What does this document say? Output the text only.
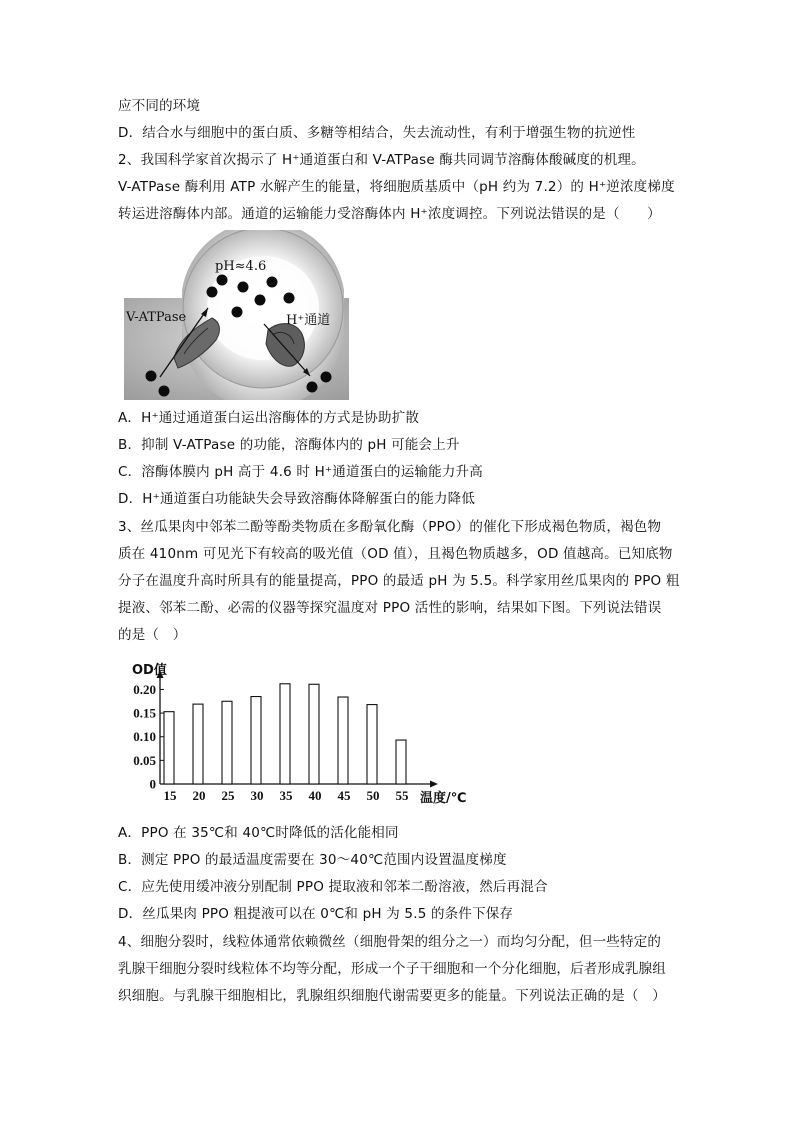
应不同的环境
D．结合水与细胞中的蛋白质、多糖等相结合，失去流动性，有利于增强生物的抗逆性
2、我国科学家首次揭示了 H⁺通道蛋白和 V-ATPase 酶共同调节溶酶体酸碱度的机理。
V-ATPase 酶利用 ATP 水解产生的能量，将细胞质基质中（pH 约为 7.2）的 H⁺逆浓度梯度
转运进溶酶体内部。通道的运输能力受溶酶体内 H⁺浓度调控。下列说法错误的是（　　）
pH≈4.6
V-ATPase	H⁺通道
A．H⁺通过通道蛋白运出溶酶体的方式是协助扩散
B．抑制 V-ATPase 的功能，溶酶体内的 pH 可能会上升
C．溶酶体膜内 pH 高于 4.6 时 H⁺通道蛋白的运输能力升高
D．H⁺通道蛋白功能缺失会导致溶酶体降解蛋白的能力降低
3、丝瓜果肉中邻苯二酚等酚类物质在多酚氧化酶（PPO）的催化下形成褐色物质，褐色物
质在 410nm 可见光下有较高的吸光值（OD 值），且褐色物质越多，OD 值越高。已知底物
分子在温度升高时所具有的能量提高，PPO 的最适 pH 为 5.5。科学家用丝瓜果肉的 PPO 粗
提液、邻苯二酚、必需的仪器等探究温度对 PPO 活性的影响，结果如下图。下列说法错误
的是（　）
0
0.05
0.10
0.15
0.20
OD值
15 20 25 30 35 40 45 50 55 温度/℃
A．PPO 在 35℃和 40℃时降低的活化能相同
B．测定 PPO 的最适温度需要在 30～40℃范围内设置温度梯度
C．应先使用缓冲液分别配制 PPO 提取液和邻苯二酚溶液，然后再混合
D．丝瓜果肉 PPO 粗提液可以在 0℃和 pH 为 5.5 的条件下保存
4、细胞分裂时，线粒体通常依赖微丝（细胞骨架的组分之一）而均匀分配，但一些特定的
乳腺干细胞分裂时线粒体不均等分配，形成一个子干细胞和一个分化细胞，后者形成乳腺组
织细胞。与乳腺干细胞相比，乳腺组织细胞代谢需要更多的能量。下列说法正确的是（　）
